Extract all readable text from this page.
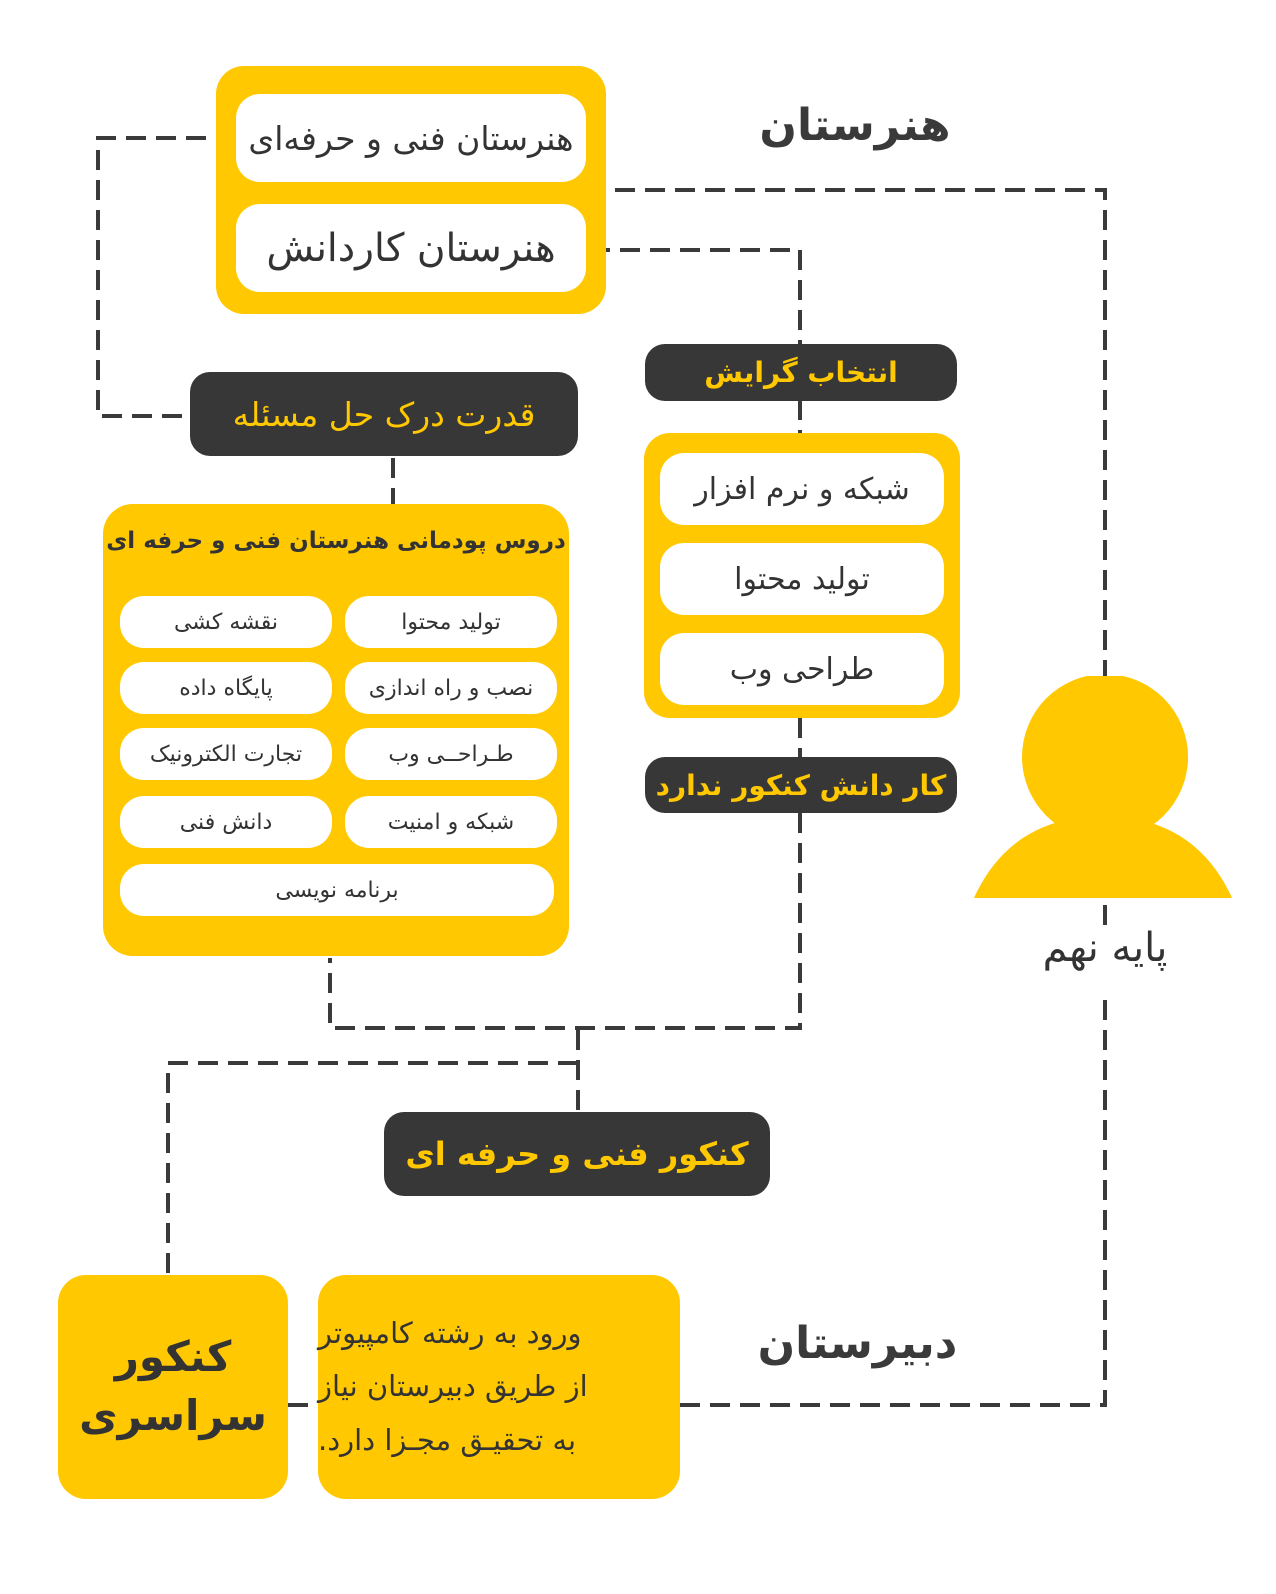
هنرستان
دبیرستان
هنرستان فنی و حرفه‌ای
هنرستان کاردانش
قدرت درک حل مسئله
انتخاب گرایش
شبکه و نرم افزار
تولید محتوا
طراحی وب
کار دانش کنکور ندارد
دروس پودمانی هنرستان فنی و حرفه ای
تولید محتوا
نقشه کشی
نصب و راه اندازی
پایگاه داده
طـراحــی وب
تجارت الکترونیک
شبکه و امنیت
دانش فنی
برنامه نویسی
کنکور فنی و حرفه ای
پایه نهم
کنکور
سراسری
ورود به رشته کامپیوتر
از طریق دبیرستان نیاز
به تحقیـق مجـزا دارد.
